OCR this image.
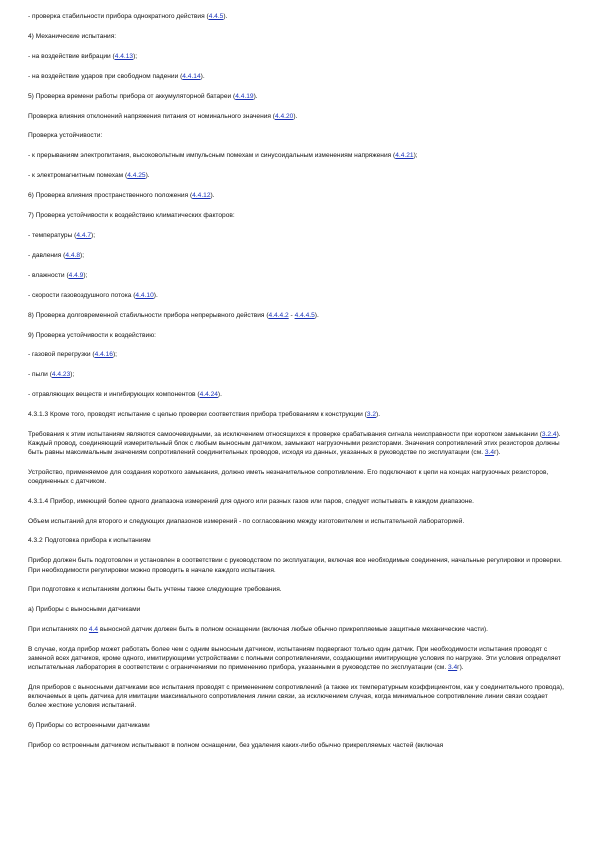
- проверка стабильности прибора однократного действия (4.4.5).

4) Механические испытания:

- на воздействие вибрации (4.4.13);

- на воздействие ударов при свободном падении (4.4.14).

5) Проверка времени работы прибора от аккумуляторной батареи (4.4.19).

Проверка влияния отклонений напряжения питания от номинального значения (4.4.20).

Проверка устойчивости:

- к прерываниям электропитания, высоковольтным импульсным помехам и синусоидальным изменениям напряжения (4.4.21);

- к электромагнитным помехам (4.4.25).

6) Проверка влияния пространственного положения (4.4.12).

7) Проверка устойчивости к воздействию климатических факторов:

- температуры (4.4.7);

- давления (4.4.8);

- влажности (4.4.9);

- скорости газовоздушного потока (4.4.10).

8) Проверка долговременной стабильности прибора непрерывного действия (4.4.4.2 - 4.4.4.5).

9) Проверка устойчивости к воздействию:

- газовой перегрузки (4.4.16);

- пыли (4.4.23);

- отравляющих веществ и ингибирующих компонентов (4.4.24).

4.3.1.3 Кроме того, проводят испытание с целью проверки соответствия прибора требованиям к конструкции (3.2).

Требования к этим испытаниям являются самоочевидными, за исключением относящихся к проверке срабатывания сигнала неисправности при коротком замыкании (3.2.4). Каждый провод, соединяющий измерительный блок с любым выносным датчиком, замыкают нагрузочными резисторами. Значения сопротивлений этих резисторов должны быть равны максимальным значениям сопротивлений соединительных проводов, исходя из данных, указанных в руководстве по эксплуатации (см. 3.4г).

Устройство, применяемое для создания короткого замыкания, должно иметь незначительное сопротивление. Его подключают к цепи на концах нагрузочных резисторов, соединенных с датчиком.

4.3.1.4 Прибор, имеющий более одного диапазона измерений для одного или разных газов или паров, следует испытывать в каждом диапазоне.

Объем испытаний для второго и следующих диапазонов измерений - по согласованию между изготовителем и испытательной лабораторией.

4.3.2 Подготовка прибора к испытаниям

Прибор должен быть подготовлен и установлен в соответствии с руководством по эксплуатации, включая все необходимые соединения, начальные регулировки и проверки. При необходимости регулировки можно проводить в начале каждого испытания.

При подготовке к испытаниям должны быть учтены также следующие требования.

а) Приборы с выносными датчиками

При испытаниях по 4.4 выносной датчик должен быть в полном оснащении (включая любые обычно прикрепляемые защитные механические части).

В случае, когда прибор может работать более чем с одним выносным датчиком, испытаниям подвергают только один датчик. При необходимости испытания проводят с заменой всех датчиков, кроме одного, имитирующими устройствами с полными сопротивлениями, создающими имитирующие условия по нагрузке. Эти условия определяет испытательная лаборатория в соответствии с ограничениями по применению прибора, указанными в руководстве по эксплуатации (см. 3.4г).

Для приборов с выносными датчиками все испытания проводят с применением сопротивлений (а также их температурным коэффициентом, как у соединительного провода), включаемых в цепь датчика для имитации максимального сопротивления линии связи, за исключением случая, когда минимальное сопротивление линии связи создает более жесткие условия испытаний.

б) Приборы со встроенными датчиками

Прибор со встроенным датчиком испытывают в полном оснащении, без удаления каких-либо обычно прикрепляемых частей (включая
